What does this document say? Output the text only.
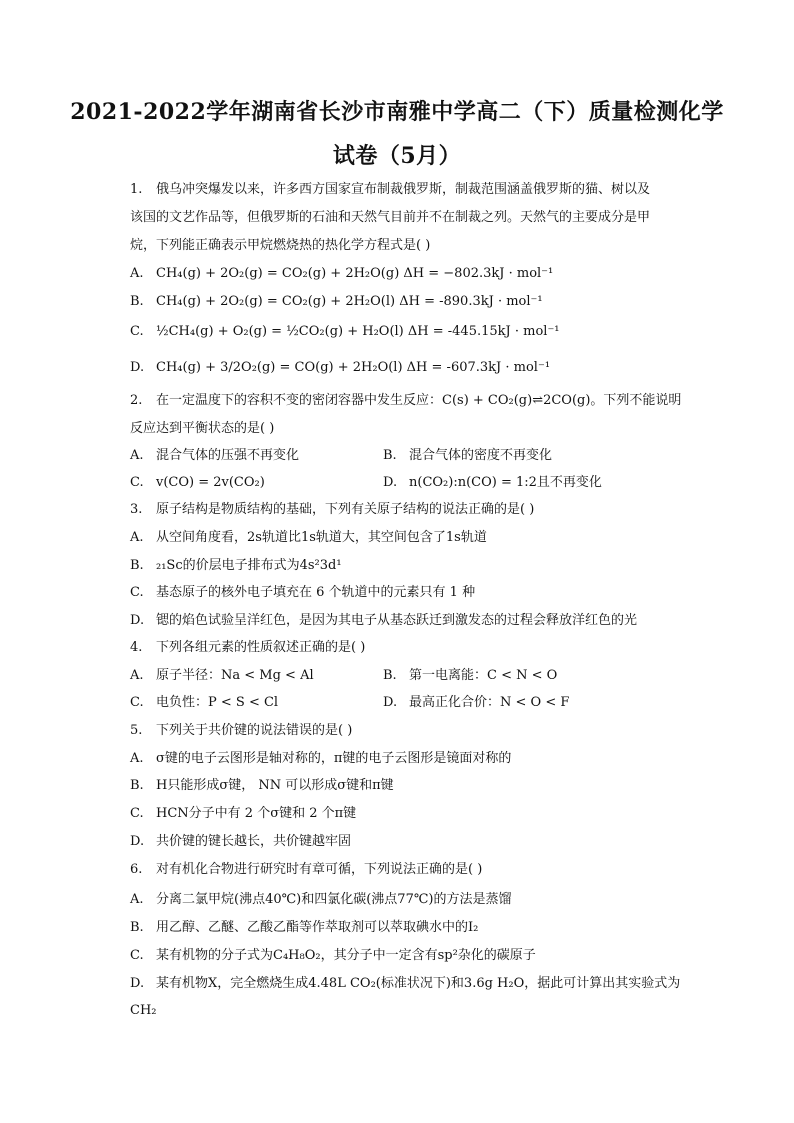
2021-2022学年湖南省长沙市南雅中学高二（下）质量检测化学
试卷（5月）
1. 俄乌冲突爆发以来，许多西方国家宣布制裁俄罗斯，制裁范围涵盖俄罗斯的猫、树以及
该国的文艺作品等，但俄罗斯的石油和天然气目前并不在制裁之列。天然气的主要成分是甲
烷，下列能正确表示甲烷燃烧热的热化学方程式是( )
A. CH₄(g) + 2O₂(g) = CO₂(g) + 2H₂O(g) ΔH = −802.3kJ · mol⁻¹
B. CH₄(g) + 2O₂(g) = CO₂(g) + 2H₂O(l) ΔH = -890.3kJ · mol⁻¹
C. ½CH₄(g) + O₂(g) = ½CO₂(g) + H₂O(l) ΔH = -445.15kJ · mol⁻¹
D. CH₄(g) + 3/2O₂(g) = CO(g) + 2H₂O(l) ΔH = -607.3kJ · mol⁻¹
2. 在一定温度下的容积不变的密闭容器中发生反应：C(s) + CO₂(g)⇌2CO(g)。下列不能说明
反应达到平衡状态的是( )
A. 混合气体的压强不再变化	B. 混合气体的密度不再变化
C. v(CO) = 2v(CO₂)	D. n(CO₂):n(CO) = 1:2且不再变化
3. 原子结构是物质结构的基础，下列有关原子结构的说法正确的是( )
A. 从空间角度看，2s轨道比1s轨道大，其空间包含了1s轨道
B. ₂₁Sc的价层电子排布式为4s²3d¹
C. 基态原子的核外电子填充在 6 个轨道中的元素只有 1 种
D. 锶的焰色试验呈洋红色，是因为其电子从基态跃迁到激发态的过程会释放洋红色的光
4. 下列各组元素的性质叙述正确的是( )
A. 原子半径：Na < Mg < Al	B. 第一电离能：C < N < O
C. 电负性：P < S < Cl	D. 最高正化合价：N < O < F
5. 下列关于共价键的说法错误的是( )
A. σ键的电子云图形是轴对称的，π键的电子云图形是镜面对称的
B. H只能形成σ键， NN 可以形成σ键和π键
C. HCN分子中有 2 个σ键和 2 个π键
D. 共价键的键长越长，共价键越牢固
6. 对有机化合物进行研究时有章可循，下列说法正确的是( )
A. 分离二氯甲烷(沸点40℃)和四氯化碳(沸点77℃)的方法是蒸馏
B. 用乙醇、乙醚、乙酸乙酯等作萃取剂可以萃取碘水中的I₂
C. 某有机物的分子式为C₄H₈O₂，其分子中一定含有sp²杂化的碳原子
D. 某有机物X，完全燃烧生成4.48L CO₂(标准状况下)和3.6g H₂O，据此可计算出其实验式为
CH₂
